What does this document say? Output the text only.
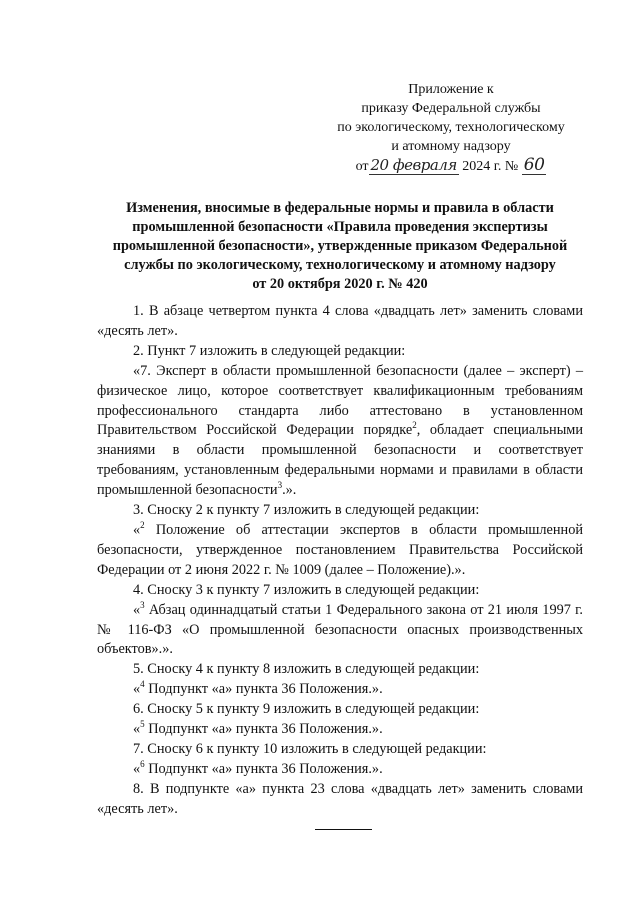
Приложение к
приказу Федеральной службы
по экологическому, технологическому
и атомному надзору
от 20 февраля 2024 г. № 60
Изменения, вносимые в федеральные нормы и правила в области
промышленной безопасности «Правила проведения экспертизы
промышленной безопасности», утвержденные приказом Федеральной
службы по экологическому, технологическому и атомному надзору
от 20 октября 2020 г. № 420

1. В абзаце четвертом пункта 4 слова «двадцать лет» заменить словами «десять лет».

2. Пункт 7 изложить в следующей редакции:

«7. Эксперт в области промышленной безопасности (далее – эксперт) – физическое лицо, которое соответствует квалификационным требованиям профессионального стандарта либо аттестовано в установленном Правительством Российской Федерации порядке$^2$, обладает специальными знаниями в области промышленной безопасности и соответствует требованиям, установленным федеральными нормами и правилами в области промышленной безопасности$^3$.».

3. Сноску 2 к пункту 7 изложить в следующей редакции:

«$^2$ Положение об аттестации экспертов в области промышленной безопасности, утвержденное постановлением Правительства Российской Федерации от 2 июня 2022 г. № 1009 (далее – Положение).».

4. Сноску 3 к пункту 7 изложить в следующей редакции:

«$^3$ Абзац одиннадцатый статьи 1 Федерального закона от 21 июля 1997 г. № 116-ФЗ «О промышленной безопасности опасных производственных объектов».».

5. Сноску 4 к пункту 8 изложить в следующей редакции:

«$^4$ Подпункт «а» пункта 36 Положения.».

6. Сноску 5 к пункту 9 изложить в следующей редакции:

«$^5$ Подпункт «а» пункта 36 Положения.».

7. Сноску 6 к пункту 10 изложить в следующей редакции:

«$^6$ Подпункт «а» пункта 36 Положения.».

8. В подпункте «а» пункта 23 слова «двадцать лет» заменить словами «десять лет».
